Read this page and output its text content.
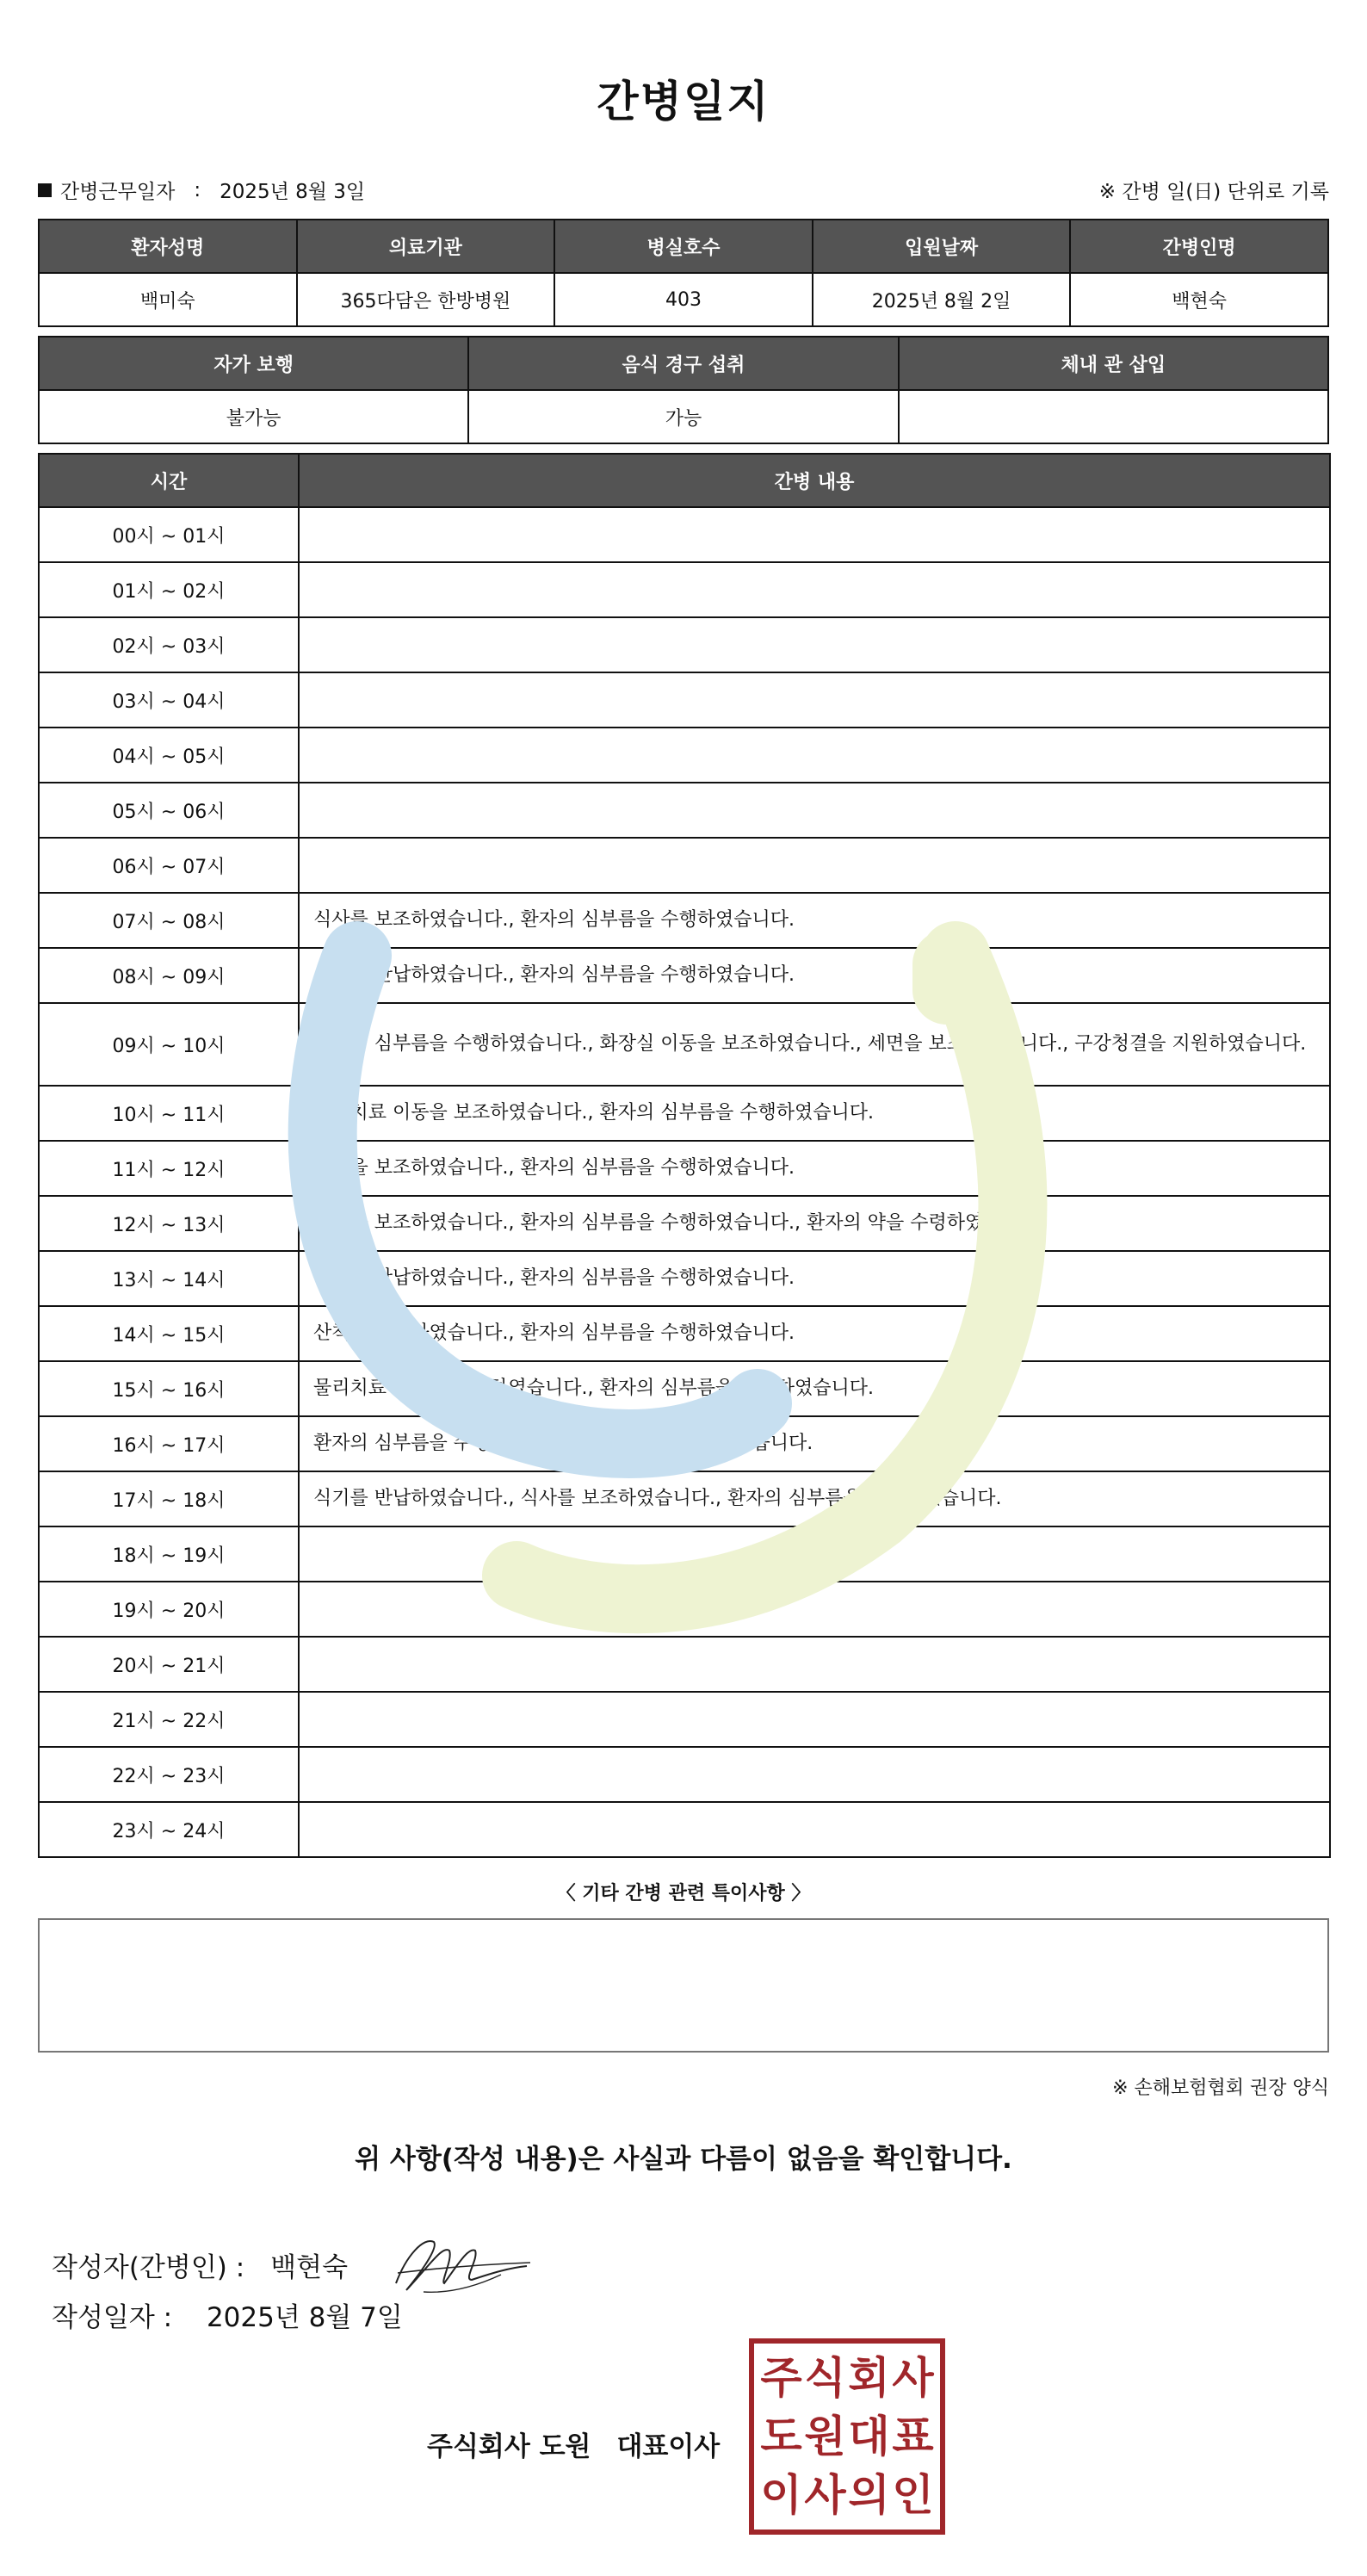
간병일지
간병근무일자 : 2025년 8월 3일	※ 간병 일(日) 단위로 기록
환자성명	의료기관	병실호수	입원날짜	간병인명
백미숙	365다담은 한방병원	403	2025년 8월 2일	백현숙
자가 보행	음식 경구 섭취	체내 관 삽입
불가능	가능	
시간	간병 내용
00시 ~ 01시	
01시 ~ 02시	
02시 ~ 03시	
03시 ~ 04시	
04시 ~ 05시	
05시 ~ 06시	
06시 ~ 07시	
07시 ~ 08시	식사를 보조하였습니다., 환자의 심부름을 수행하였습니다.
08시 ~ 09시	식기를 반납하였습니다., 환자의 심부름을 수행하였습니다.
09시 ~ 10시	환자의 심부름을 수행하였습니다., 화장실 이동을 보조하였습니다., 세면을 보조하였습니다., 구강청결을 지원하였습니다.
10시 ~ 11시	물리치료 이동을 보조하였습니다., 환자의 심부름을 수행하였습니다.
11시 ~ 12시	산책을 보조하였습니다., 환자의 심부름을 수행하였습니다.
12시 ~ 13시	식사를 보조하였습니다., 환자의 심부름을 수행하였습니다., 환자의 약을 수령하였습니다.
13시 ~ 14시	식기를 반납하였습니다., 환자의 심부름을 수행하였습니다.
14시 ~ 15시	산책을 보조하였습니다., 환자의 심부름을 수행하였습니다.
15시 ~ 16시	물리치료 이동을 보조하였습니다., 환자의 심부름을 수행하였습니다.
16시 ~ 17시	환자의 심부름을 수행하였습니다., 환자복을 갈아입혔습니다.
17시 ~ 18시	식기를 반납하였습니다., 식사를 보조하였습니다., 환자의 심부름을 수행하였습니다.
18시 ~ 19시	
19시 ~ 20시	
20시 ~ 21시	
21시 ~ 22시	
22시 ~ 23시	
23시 ~ 24시	
〈 기타 간병 관련 특이사항 〉
※ 손해보험협회 권장 양식
위 사항(작성 내용)은 사실과 다름이 없음을 확인합니다.
작성자(간병인) : 백현숙
작성일자 : 2025년 8월 7일
주식회사 도원 대표이사
주 식 회 사
도 원 대 표
이 사 의 인
